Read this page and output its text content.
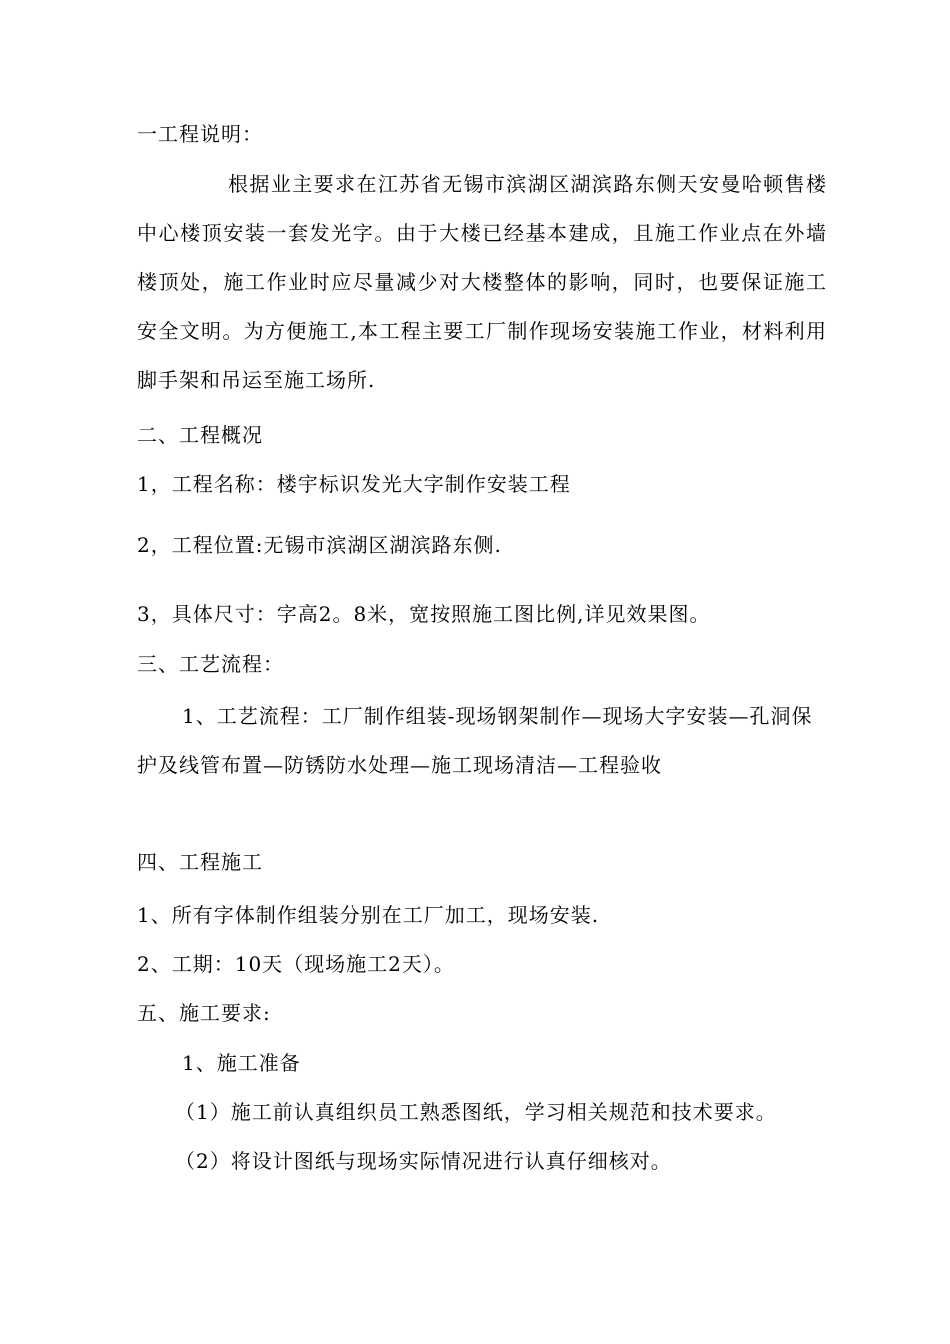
一工程说明：
根据业主要求在江苏省无锡市滨湖区湖滨路东侧天安曼哈顿售楼中心楼顶安装一套发光字。由于大楼已经基本建成，且施工作业点在外墙楼顶处，施工作业时应尽量减少对大楼整体的影响，同时，也要保证施工安全文明。为方便施工,本工程主要工厂制作现场安装施工作业，材料利用脚手架和吊运至施工场所.
二、工程概况
1，工程名称：楼宇标识发光大字制作安装工程
2，工程位置:无锡市滨湖区湖滨路东侧.
3，具体尺寸：字高2。8米，宽按照施工图比例,详见效果图。
三、工艺流程：
1、工艺流程：工厂制作组装-现场钢架制作—现场大字安装—孔洞保护及线管布置—防锈防水处理—施工现场清洁—工程验收
四、工程施工
1、所有字体制作组装分别在工厂加工，现场安装.
2、工期：10天（现场施工2天）。
五、施工要求:
1、施工准备
（1）施工前认真组织员工熟悉图纸，学习相关规范和技术要求。
（2）将设计图纸与现场实际情况进行认真仔细核对。
